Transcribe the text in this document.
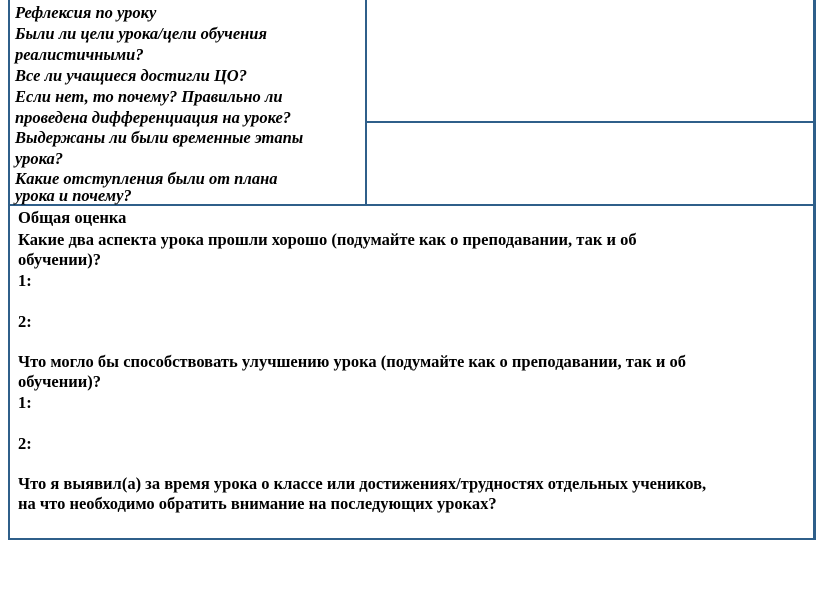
Рефлексия по уроку

Были ли цели урока/цели обучения

реалистичными?

Все ли учащиеся достигли ЦО?

Если нет, то почему? Правильно ли

проведена дифференциация на уроке?

Выдержаны ли были временные этапы

урока?

Какие отступления были от плана

урока и почему?

Общая оценка

Какие два аспекта урока прошли хорошо (подумайте как о преподавании, так и об

обучении)?

1:

2:

Что могло бы способствовать улучшению урока (подумайте как о преподавании, так и об

обучении)?

1:

2:

Что я выявил(а) за время урока о классе или достижениях/трудностях отдельных учеников,

на что необходимо обратить внимание на последующих уроках?
